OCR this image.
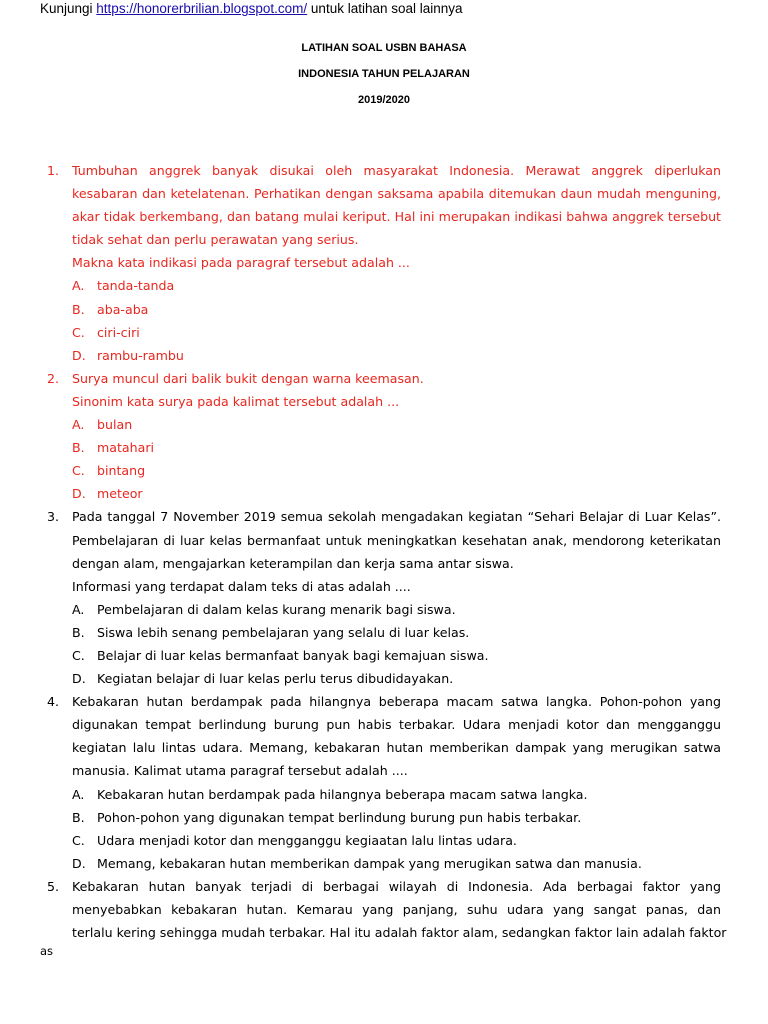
Kunjungi https://honorerbrilian.blogspot.com/ untuk latihan soal lainnya
LATIHAN SOAL USBN BAHASA
INDONESIA TAHUN PELAJARAN
2019/2020
1. Tumbuhan anggrek banyak disukai oleh masyarakat Indonesia. Merawat anggrek diperlukan
kesabaran dan ketelatenan. Perhatikan dengan saksama apabila ditemukan daun mudah menguning,
akar tidak berkembang, dan batang mulai keriput. Hal ini merupakan indikasi bahwa anggrek tersebut
tidak sehat dan perlu perawatan yang serius.
Makna kata indikasi pada paragraf tersebut adalah ...
A. tanda-tanda
B. aba-aba
C. ciri-ciri
D. rambu-rambu
2. Surya muncul dari balik bukit dengan warna keemasan.
Sinonim kata surya pada kalimat tersebut adalah ...
A. bulan
B. matahari
C. bintang
D. meteor
3. Pada tanggal 7 November 2019 semua sekolah mengadakan kegiatan “Sehari Belajar di Luar Kelas”.
Pembelajaran di luar kelas bermanfaat untuk meningkatkan kesehatan anak, mendorong keterikatan
dengan alam, mengajarkan keterampilan dan kerja sama antar siswa.
Informasi yang terdapat dalam teks di atas adalah ....
A. Pembelajaran di dalam kelas kurang menarik bagi siswa.
B. Siswa lebih senang pembelajaran yang selalu di luar kelas.
C. Belajar di luar kelas bermanfaat banyak bagi kemajuan siswa.
D. Kegiatan belajar di luar kelas perlu terus dibudidayakan.
4. Kebakaran hutan berdampak pada hilangnya beberapa macam satwa langka. Pohon-pohon yang
digunakan tempat berlindung burung pun habis terbakar. Udara menjadi kotor dan mengganggu
kegiatan lalu lintas udara. Memang, kebakaran hutan memberikan dampak yang merugikan satwa
manusia. Kalimat utama paragraf tersebut adalah ....
A. Kebakaran hutan berdampak pada hilangnya beberapa macam satwa langka.
B. Pohon-pohon yang digunakan tempat berlindung burung pun habis terbakar.
C. Udara menjadi kotor dan mengganggu kegiaatan lalu lintas udara.
D. Memang, kebakaran hutan memberikan dampak yang merugikan satwa dan manusia.
5. Kebakaran hutan banyak terjadi di berbagai wilayah di Indonesia. Ada berbagai faktor yang
menyebabkan kebakaran hutan. Kemarau yang panjang, suhu udara yang sangat panas, dan
terlalu kering sehingga mudah terbakar. Hal itu adalah faktor alam, sedangkan faktor lain adalah faktor
as
